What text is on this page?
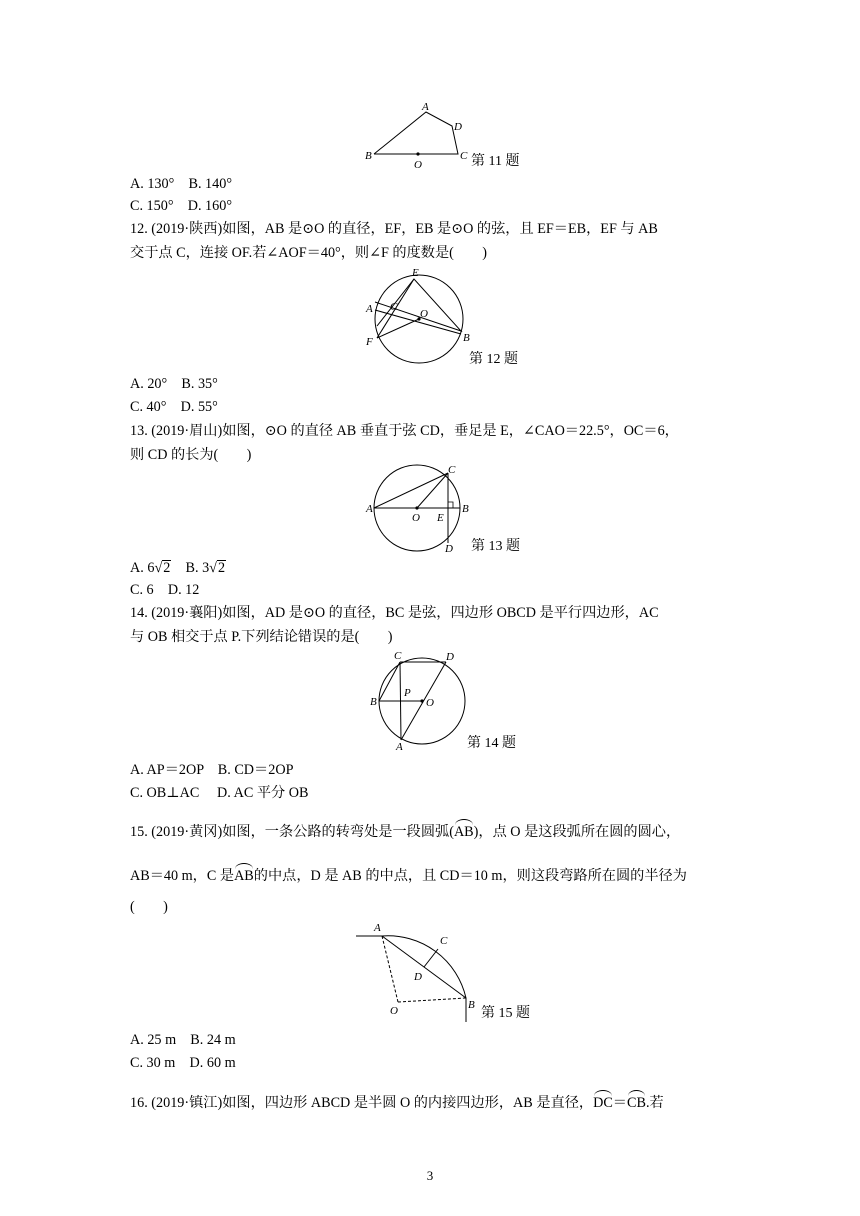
A
B	C
D
O	第 11 题
A. 130°　B. 140°
C. 150°　D. 160°
12. (2019·陕西)如图，AB 是⊙O 的直径，EF，EB 是⊙O 的弦，且 EF＝EB，EF 与 AB
交于点 C，连接 OF.若∠AOF＝40°，则∠F 的度数是(　　)
E
A C
O
F	B
第 12 题
A. 20°　B. 35°
C. 40°　D. 55°
13. (2019·眉山)如图，⊙O 的直径 AB 垂直于弦 CD，垂足是 E，∠CAO＝22.5°，OC＝6，
则 CD 的长为(　　)
C
A	B
O E
D 第 13 题
A. 6√2　B. 3√2
C. 6　D. 12
14. (2019·襄阳)如图，AD 是⊙O 的直径，BC 是弦，四边形 OBCD 是平行四边形，AC
与 OB 相交于点 P.下列结论错误的是(　　)
C	D
P
B	O
A	第 14 题
A. AP＝2OP　B. CD＝2OP
C. OB⊥AC　 D. AC 平分 OB
15. (2019·黄冈)如图，一条公路的转弯处是一段圆弧(AB)，点 O 是这段弧所在圆的圆心，
AB＝40 m，C 是AB的中点，D 是 AB 的中点，且 CD＝10 m，则这段弯路所在圆的半径为
(　　)
A
C
D
B
O	第 15 题
A. 25 m　B. 24 m
C. 30 m　D. 60 m
16. (2019·镇江)如图，四边形 ABCD 是半圆 O 的内接四边形，AB 是直径，DC＝CB.若
3
